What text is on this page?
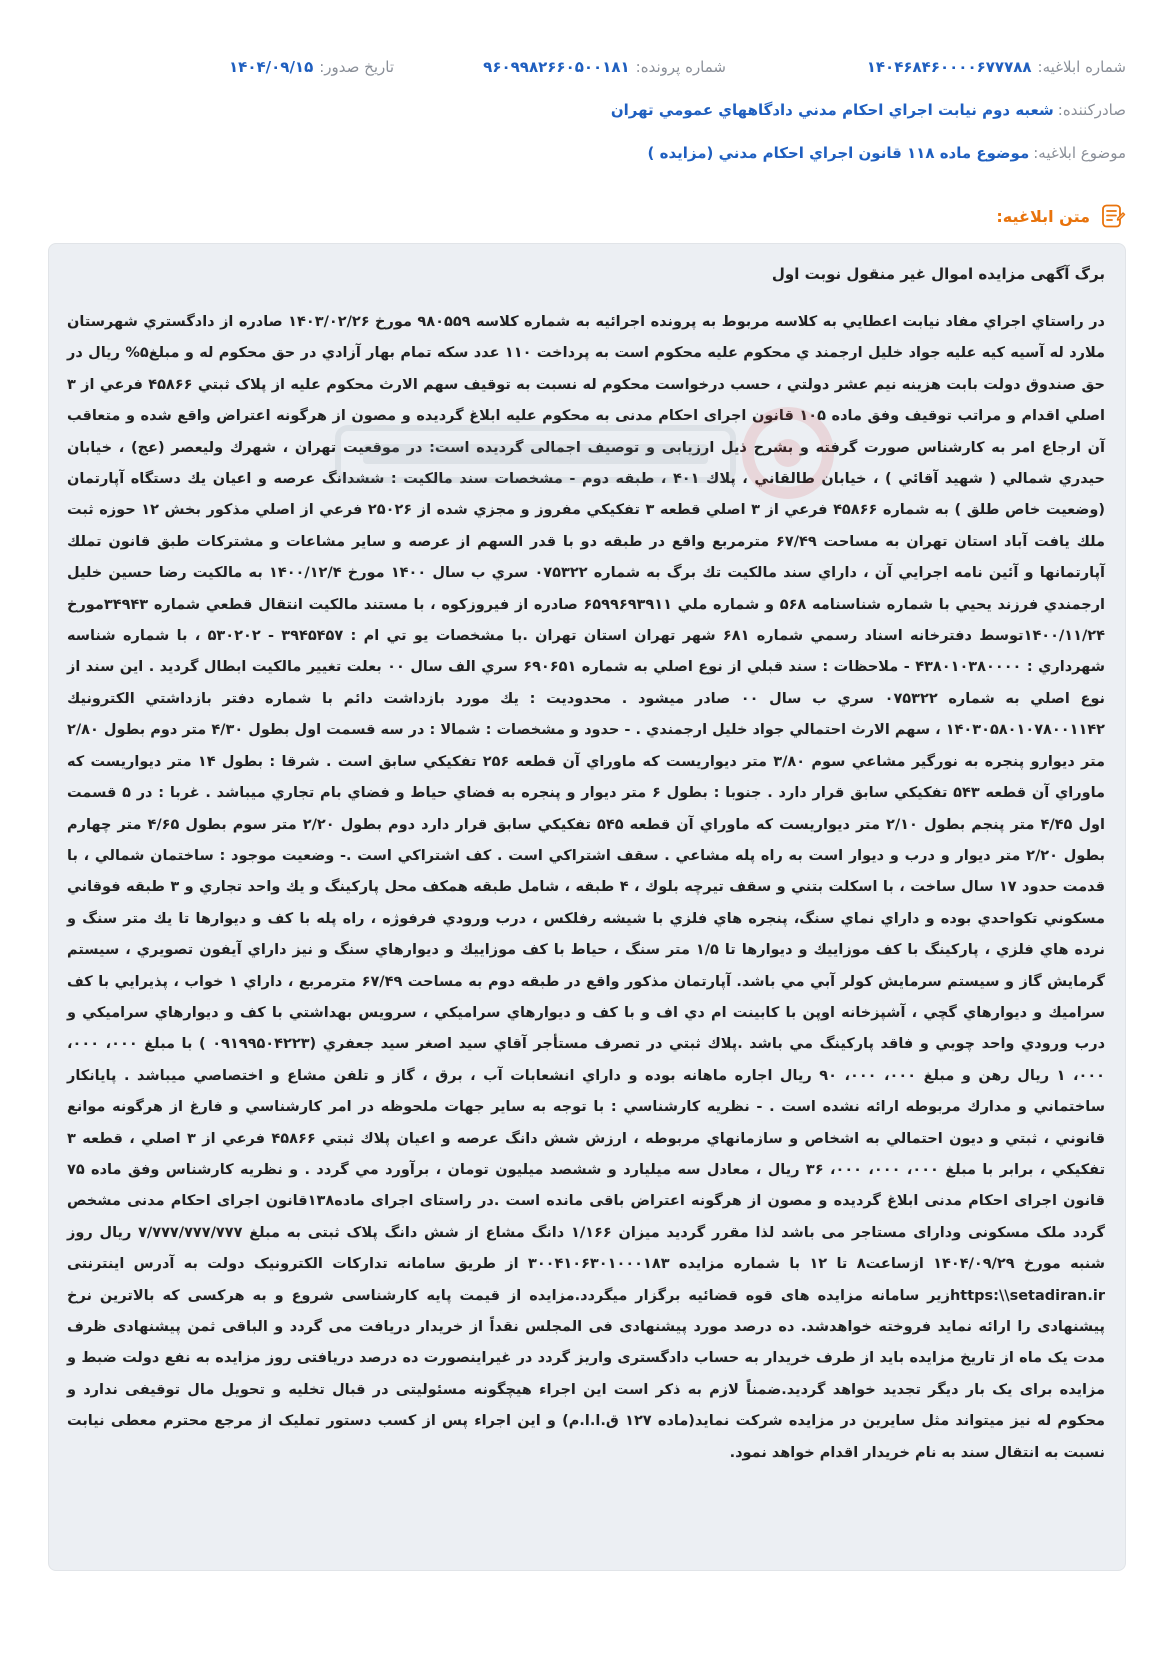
شماره ابلاغیه:۱۴۰۴۶۸۴۶۰۰۰۰۶۷۷۷۸۸
شماره پرونده:۹۶۰۹۹۸۲۶۶۰۵۰۰۱۸۱
تاریخ صدور:۱۴۰۴/۰۹/۱۵
صادرکننده:شعبه دوم نيابت اجراي احکام مدني دادگاههاي عمومي تهران
موضوع ابلاغیه:موضوع ماده ۱۱۸ قانون اجراي احکام مدني (مزايده )
متن ابلاغیه:

برگ آگهی مزايده اموال غير منقول نوبت اول

در راستاي اجراي مفاد نيابت اعطايي به کلاسه مربوط به پرونده اجرائيه به شماره کلاسه ۹۸۰۵۵۹ مورخ ۱۴۰۳/۰۲/۲۶ صادره از دادگستري شهرستان ملارد له آسيه کيه عليه جواد خليل ارجمند ي محکوم عليه محکوم است به پرداخت ۱۱۰ عدد سکه تمام بهار آزادي در حق محکوم له و مبلغ۵% ريال در حق صندوق دولت بابت هزينه نيم عشر دولتي ، حسب درخواست محکوم له نسبت به توقيف سهم الارث محکوم عليه از پلاک ثبتي ۴۵۸۶۶ فرعي از ۳ اصلي اقدام و مراتب توقيف وفق ماده ۱۰۵ قانون اجرای احکام مدنی به محکوم عليه ابلاغ گرديده و مصون از هرگونه اعتراض واقع شده و متعاقب آن ارجاع امر به کارشناس صورت گرفته و بشرح ذيل ارزيابی و توصيف اجمالی گرديده است: در موقعيت تهران ، شهرك وليعصر (عج) ، خيابان حيدري شمالي ( شهيد آقائي ) ، خيابان طالقاني ، پلاك ۴۰۱ ، طبقه دوم - مشخصات سند مالكيت : ششدانگ عرصه و اعيان يك دستگاه آپارتمان (وضعيت خاص طلق ) به شماره ۴۵۸۶۶ فرعي از ۳ اصلي قطعه ۳ تفكيكي مفروز و مجزي شده از ۲۵۰۲۶ فرعي از اصلي مذكور بخش ۱۲ حوزه ثبت ملك يافت آباد استان تهران به مساحت ۶۷/۴۹ مترمربع واقع در طبقه دو با قدر السهم از عرصه و ساير مشاعات و مشتركات طبق قانون تملك آپارتمانها و آئين نامه اجرايي آن ، داراي سند مالكيت تك برگ به شماره ۰۷۵۳۲۲ سري ب سال ۱۴۰۰ مورخ ۱۴۰۰/۱۲/۴ به مالكيت رضا حسين خليل ارجمندي فرزند يحيي با شماره شناسنامه ۵۶۸ و شماره ملي ۶۵۹۹۶۹۳۹۱۱ صادره از فيروزكوه ، با مستند مالكيت انتقال قطعي شماره ۳۴۹۴۳مورخ ۱۴۰۰/۱۱/۲۴توسط دفترخانه اسناد رسمي شماره ۶۸۱ شهر تهران استان تهران .با مشخصات يو تي ام : ۳۹۴۵۴۵۷ - ۵۳۰۲۰۲ ، با شماره شناسه شهرداري : ۴۳۸۰۱۰۳۸۰۰۰۰ - ملاحظات : سند قبلي از نوع اصلي به شماره ۶۹۰۶۵۱ سري الف سال ۰۰ بعلت تغيير مالكيت ابطال گرديد . اين سند از نوع اصلي به شماره ۰۷۵۳۲۲ سري ب سال ۰۰ صادر ميشود . محدوديت : يك مورد بازداشت دائم با شماره دفتر بازداشتي الكترونيك ۱۴۰۳۰۵۸۰۱۰۷۸۰۰۱۱۴۲ ، سهم الارث احتمالي جواد خليل ارجمندي . - حدود و مشخصات : شمالا : در سه قسمت اول بطول ۴/۳۰ متر دوم بطول ۲/۸۰ متر ديوارو پنجره به نورگير مشاعي سوم ۳/۸۰ متر ديواريست كه ماوراي آن قطعه ۲۵۶ تفكيكي سابق است . شرقا : بطول ۱۴ متر ديواريست كه ماوراي آن قطعه ۵۴۳ تفكيكي سابق قرار دارد . جنوبا : بطول ۶ متر ديوار و پنجره به فضاي حياط و فضاي بام تجاري ميباشد . غربا : در ۵ قسمت اول ۴/۴۵ متر پنجم بطول ۲/۱۰ متر ديواريست كه ماوراي آن قطعه ۵۴۵ تفكيكي سابق قرار دارد دوم بطول ۲/۲۰ متر سوم بطول ۴/۶۵ متر چهارم بطول ۲/۲۰ متر ديوار و درب و ديوار است به راه پله مشاعي . سقف اشتراكي است . كف اشتراكي است .- وضعيت موجود : ساختمان شمالي ، با قدمت حدود ۱۷ سال ساخت ، با اسكلت بتني و سقف تيرچه بلوك ، ۴ طبقه ، شامل طبقه همكف محل پاركينگ و يك واحد تجاري و ۳ طبقه فوقاني مسكوني تكواحدي بوده و داراي نماي سنگ، پنجره هاي فلزي با شيشه رفلكس ، درب ورودي فرفوژه ، راه پله با كف و ديوارها تا يك متر سنگ و نرده هاي فلزي ، پاركينگ با كف موزاييك و ديوارها تا ۱/۵ متر سنگ ، حياط با كف موزاييك و ديوارهاي سنگ و نيز داراي آيفون تصويري ، سيستم گرمايش گاز و سيستم سرمايش كولر آبي مي باشد. آپارتمان مذكور واقع در طبقه دوم به مساحت ۶۷/۴۹ مترمربع ، داراي ۱ خواب ، پذيرايي با كف سراميك و ديوارهاي گچي ، آشپزخانه اوپن با كابينت ام دي اف و با كف و ديوارهاي سراميكي ، سرويس بهداشتي با كف و ديوارهاي سراميكي و درب ورودي واحد چوبي و فاقد پاركينگ مي باشد .پلاك ثبتي در تصرف مستأجر آقاي سيد اصغر سيد جعفري (۰۹۱۹۹۵۰۴۲۲۳ ) با مبلغ ۰۰۰، ۰۰۰، ۰۰۰، ۱ ريال رهن و مبلغ ۰۰۰، ۰۰۰، ۹۰ ريال اجاره ماهانه بوده و داراي انشعابات آب ، برق ، گاز و تلفن مشاع و اختصاصي ميباشد . پايانكار ساختماني و مدارك مربوطه ارائه نشده است . - نظريه كارشناسي : با توجه به ساير جهات ملحوظه در امر كارشناسي و فارغ از هرگونه موانع قانوني ، ثبتي و ديون احتمالي به اشخاص و سازمانهاي مربوطه ، ارزش شش دانگ عرصه و اعيان پلاك ثبتي ۴۵۸۶۶ فرعي از ۳ اصلي ، قطعه ۳ تفكيكي ، برابر با مبلغ ۰۰۰، ۰۰۰، ۰۰۰، ۳۶ ريال ، معادل سه ميليارد و ششصد ميليون تومان ، برآورد مي گردد . و نظريه كارشناس وفق ماده ۷۵ قانون اجرای احکام مدنی ابلاغ گرديده و مصون از هرگونه اعتراض باقی مانده است .در راستای اجرای ماده۱۳۸قانون اجرای احکام مدنی مشخص گردد ملک مسکونی ودارای مستاجر می باشد لذا مقرر گرديد ميزان ۱/۱۶۶ دانگ مشاع از شش دانگ پلاک ثبتی به مبلغ ۷/۷۷۷/۷۷۷/۷۷۷ ريال روز شنبه مورخ ۱۴۰۴/۰۹/۲۹ ازساعت۸ تا ۱۲ با شماره مزايده ۳۰۰۴۱۰۶۳۰۱۰۰۰۱۸۳ از طريق سامانه تدارکات الکترونيک دولت به آدرس اينترنتی https:\\setadiran.irزير سامانه مزايده های قوه قضائيه برگزار ميگردد.مزايده از قيمت پايه کارشناسی شروع و به هرکسی که بالاترين نرخ پيشنهادی را ارائه نمايد فروخته خواهدشد. ده درصد مورد پيشنهادی فی المجلس نقداً از خريدار دريافت می گردد و الباقی ثمن پيشنهادی ظرف مدت يک ماه از تاريخ مزايده بايد از طرف خريدار به حساب دادگستری واريز گردد در غيراينصورت ده درصد دريافتی روز مزايده به نفع دولت ضبط و مزايده برای يک بار ديگر تجديد خواهد گرديد.ضمناً لازم به ذکر است اين اجراء هيچگونه مسئوليتی در قبال تخليه و تحويل مال توقيفی ندارد و محکوم له نيز ميتواند مثل سايرين در مزايده شرکت نمايد(ماده ۱۲۷ ق.ا.ا.م) و اين اجراء پس از کسب دستور تمليک از مرجع محترم معطی نيابت نسبت به انتقال سند به نام خريدار اقدام خواهد نمود.
